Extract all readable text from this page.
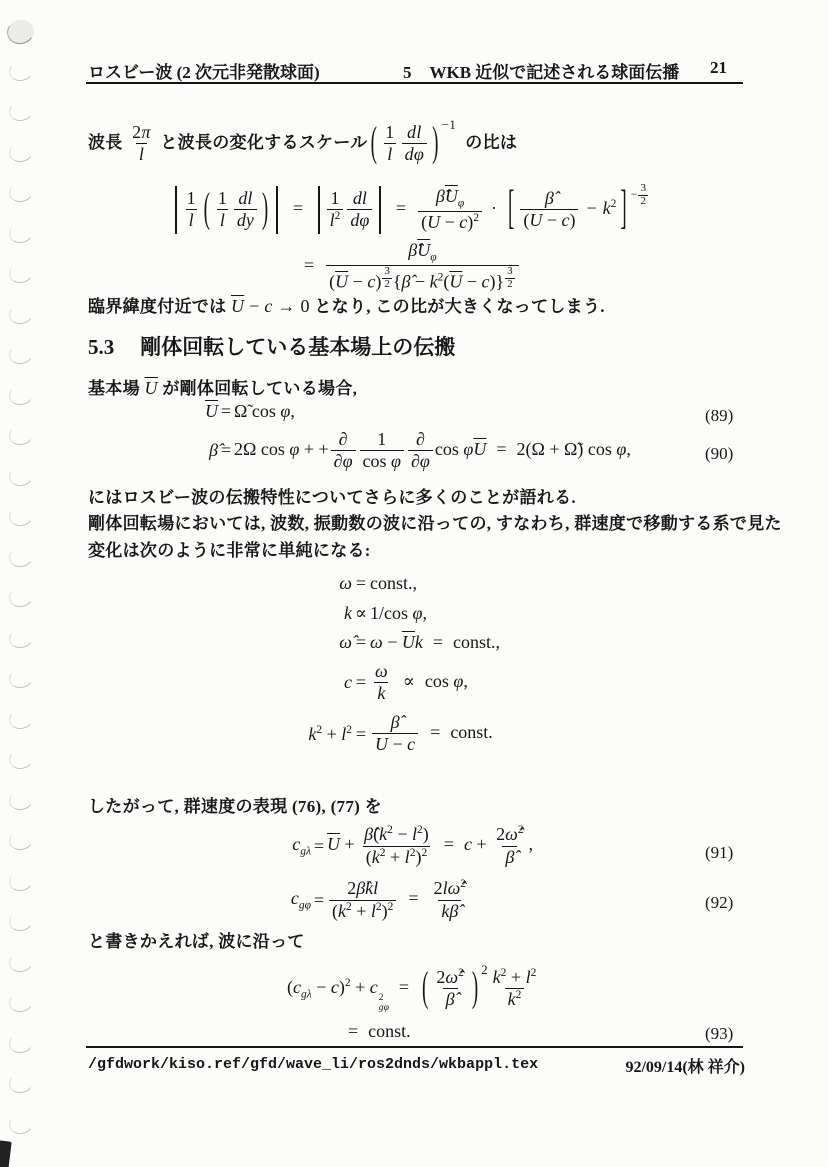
ロスビー波 (2 次元非発散球面)	5 WKB 近似で記述される球面伝播 21
波長 $\frac{2\pi}{l}$ と波長の変化するスケール ( $\frac{1}{l} \frac{dl}{d\varphi}$ ) $^{-1}$  の比は
$\frac{1}{l}$ ( $\frac{1}{l} \frac{dl}{dy}$ ) = $\frac{1}{l^2} \frac{dl}{d\varphi} = \frac{\betâ\overline{U}_\varphi}{(\overline{U} - c)^2}$ · [ $\frac{\betâ}{(\overline{U} - c)} - k^2$ ] $^{- \frac{3}{2}}$
= $\betâ\overline{U}_\varphi$
$(\overline{U} - c)$ $^{\frac{3}{2}}$ {β̂ − $k^2(\overline{U} - c)$} $^{\frac{3}{2}}$
臨界緯度付近では $\overline{U} - c \to 0$ となり, この比が大きくなってしまう.
5.3 剛体回転している基本場上の伝搬
基本場 $\overline{U}$ が剛体回転している場合,
$\overline{U}$ = Ω̃ cos φ,
β̂ = 2Ω cos φ + +
∂
$\partial\varphi \frac{1}{\text{cos φ}}$ ∂
∂φ
$\cos \varphi\overline{U} = 2(\Omega$ + Ω̃) cos φ,
(89)
(90)
にはロスビー波の伝搬特性についてさらに多くのことが語れる.
剛体回転場においては, 波数, 振動数の波に沿っての, すなわち, 群速度で移動する系で見た
変化は次のように非常に単純になる:
ω = const.,
k ∝ 1/cos φ,
ω̂ = $\omega - \overline{U}k$ = const.,
$c = \frac{\omega}{k} \propto \cos \varphi$,
$k^2 + l^2 = \frac{\betâ}{\overline{U} - c}$ = const.
したがって, 群速度の表現 (76), (77) を
$c_{g\lambda} = \overline{U} + \frac{\betâ(k^2 - l^2)}{(k^2 + l^2)^2} = c + \frac{2\omegâ^2}{\betâ}$ ,
$c_{g\varphi} = \frac{2\betâkl}{(k^2 + l^2)^2} = \frac{2l\omegâ^2}{k\betâ}$
(91)
(92)
と書きかえれば, 波に沿って
$(c_{g\lambda} - c)^2 + c$
2
gφ
= ( $\frac{2\omegâ^2}{\betâ}$ ) $^2 \frac{k^2 + l^2}{k^2}$
= const.	(93)
/gfdwork/kiso.ref/gfd/wave_li/ros2dnds/wkbappl.tex	92/09/14(林 祥介)
